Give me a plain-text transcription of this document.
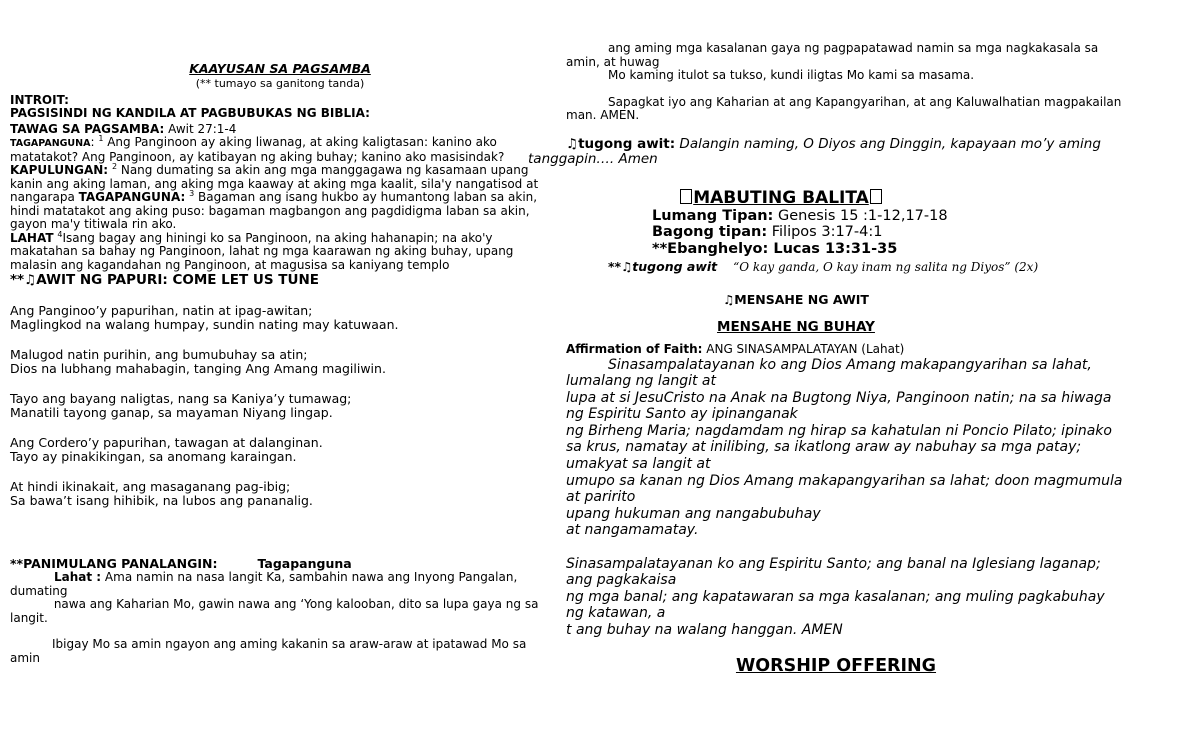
KAAYUSAN SA PAGSAMBA
(** tumayo sa ganitong tanda)
INTROIT:
PAGSISINDI NG KANDILA AT PAGBUBUKAS NG BIBLIA:
TAWAG SA PAGSAMBA: Awit 27:1-4
TAGAPANGUNA: $^1$ Ang Panginoon ay aking liwanag, at aking kaligtasan: kanino ako matatakot? Ang Panginoon, ay katibayan ng aking buhay; kanino ako masisindak?
KAPULUNGAN: $^2$ Nang dumating sa akin ang mga manggagawa ng kasamaan upang kanin ang aking laman, ang aking mga kaaway at aking mga kaalit, sila'y nangatisod at nangarapa TAGAPANGUNA: $^3$ Bagaman ang isang hukbo ay humantong laban sa akin, hindi matatakot ang aking puso: bagaman magbangon ang pagdidigma laban sa akin, gayon ma'y titiwala rin ako.
LAHAT $^4$Isang bagay ang hiningi ko sa Panginoon, na aking hahanapin; na ako'y makatahan sa bahay ng Panginoon, lahat ng mga kaarawan ng aking buhay, upang malasin ang kagandahan ng Panginoon, at magusisa sa kaniyang templo
**♫AWIT NG PAPURI: COME LET US TUNE
Ang Panginoo’y papurihan, natin at ipag-awitan;
Maglingkod na walang humpay, sundin nating may katuwaan.
Malugod natin purihin, ang bumubuhay sa atin;
Dios na lubhang mahabagin, tanging Ang Amang magiliwin.
Tayo ang bayang naligtas, nang sa Kaniya’y tumawag;
Manatili tayong ganap, sa mayaman Niyang lingap.
Ang Cordero’y papurihan, tawagan at dalanginan.
Tayo ay pinakikingan, sa anomang karaingan.
At hindi ikinakait, ang masaganang pag-ibig;
Sa bawa’t isang hihibik, na lubos ang pananalig.
**PANIMULANG PANALANGIN:	Tagapanguna
Lahat : Ama namin na nasa langit Ka, sambahin nawa ang Inyong Pangalan, dumating
nawa ang Kaharian Mo, gawin nawa ang ‘Yong kalooban, dito sa lupa gaya ng sa langit.
Ibigay Mo sa amin ngayon ang aming kakanin sa araw-araw at ipatawad Mo sa amin
ang aming mga kasalanan gaya ng pagpapatawad namin sa mga nagkakasala sa amin, at huwag
Mo kaming itulot sa tukso, kundi iligtas Mo kami sa masama.
Sapagkat iyo ang Kaharian at ang Kapangyarihan, at ang Kaluwalhatian magpakailan man. AMEN.
♫tugong awit: Dalangin naming, O Diyos ang Dinggin, kapayaan mo’y aming tanggapin…. Amen
MABUTING BALITA
Lumang Tipan: Genesis 15 :1-12,17-18
Bagong tipan: Filipos 3:17-4:1
**Ebanghelyo: Lucas 13:31-35
**♫tugong awit “O kay ganda, O kay inam ng salita ng Diyos” (2x)
♫MENSAHE NG AWIT
MENSAHE NG BUHAY
Affirmation of Faith: ANG SINASAMPALATAYAN (Lahat)
Sinasampalatayanan ko ang Dios Amang makapangyarihan sa lahat, lumalang ng langit at
lupa at si JesuCristo na Anak na Bugtong Niya, Panginoon natin; na sa hiwaga ng Espiritu Santo ay ipinanganak
ng Birheng Maria; nagdamdam ng hirap sa kahatulan ni Poncio Pilato; ipinako sa krus, namatay at inilibing, sa ikatlong araw ay nabuhay sa mga patay; umakyat sa langit at
umupo sa kanan ng Dios Amang makapangyarihan sa lahat; doon magmumula at paririto
upang hukuman ang nangabubuhay
at nangamamatay.
Sinasampalatayanan ko ang Espiritu Santo; ang banal na Iglesiang laganap; ang pagkakaisa
ng mga banal; ang kapatawaran sa mga kasalanan; ang muling pagkabuhay ng katawan, a
t ang buhay na walang hanggan. AMEN
WORSHIP OFFERING
